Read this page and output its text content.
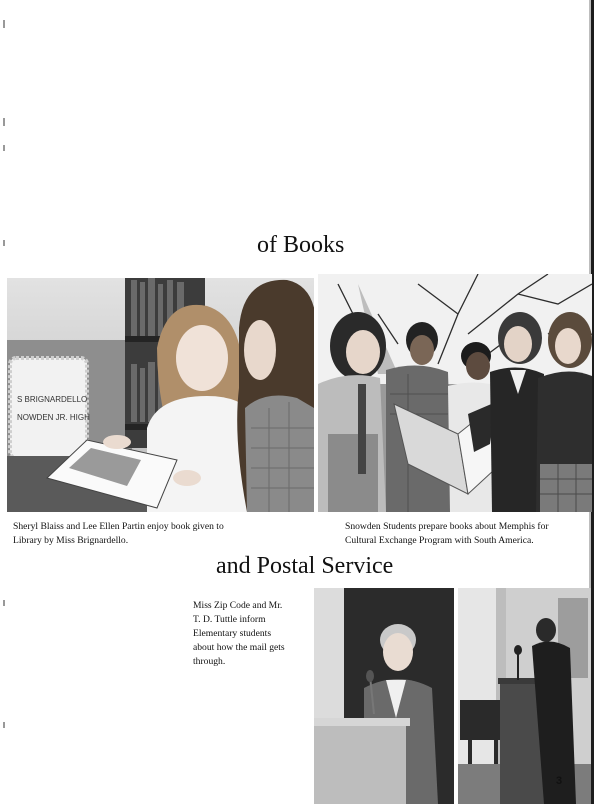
of Books
S BRIGNARDELLO
NOWDEN JR. HIGH
Sheryl Blaiss and Lee Ellen Partin enjoy book given to
Library by Miss Brignardello.
Snowden Students prepare books about Memphis for
Cultural Exchange Program with South America.
and Postal Service
Miss Zip Code and Mr.
T. D. Tuttle inform
Elementary students
about how the mail gets
through.
3
